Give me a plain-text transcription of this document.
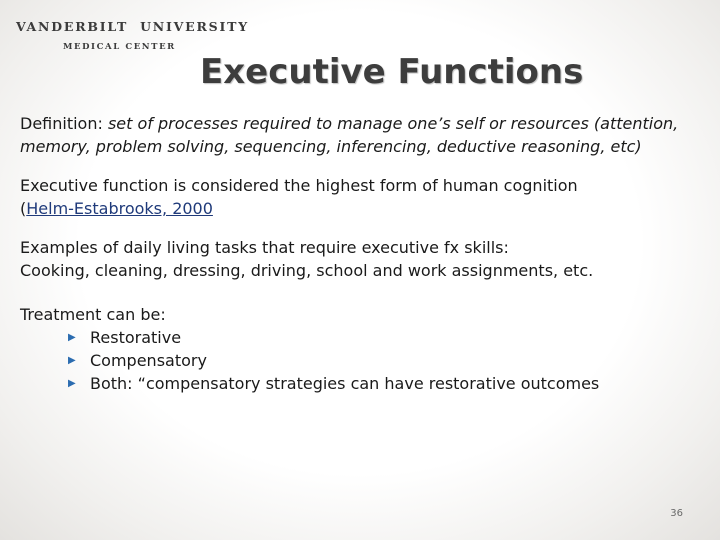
VANDERBILT UNIVERSITY
MEDICAL CENTER
Executive Functions

Definition: set of processes required to manage one’s self or resources (attention, memory, problem solving, sequencing, inferencing, deductive reasoning, etc)

Executive function is considered the highest form of human cognition
(Helm-Estabrooks, 2000

Examples of daily living tasks that require executive fx skills:
Cooking, cleaning, dressing, driving, school and work assignments, etc.

Treatment can be:
▶ Restorative
▶ Compensatory
▶ Both: “compensatory strategies can have restorative outcomes
36
